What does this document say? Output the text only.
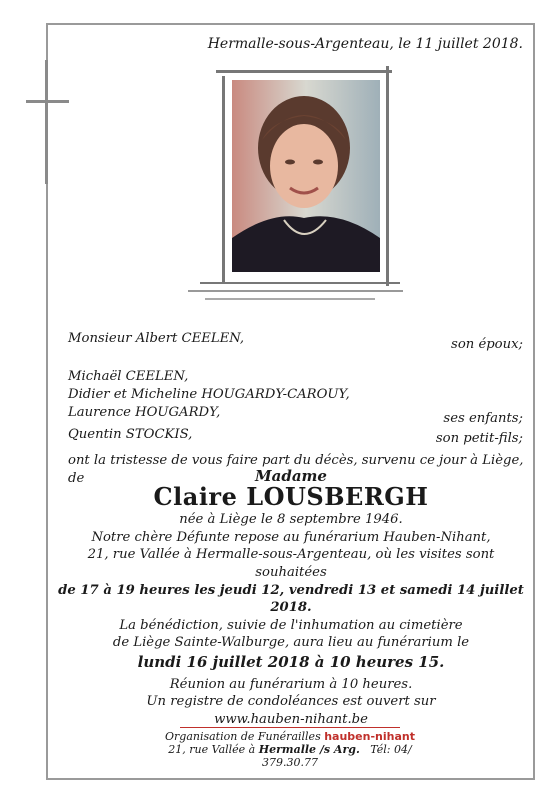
Hermalle-sous-Argenteau, le 11 juillet 2018.
Monsieur Albert CEELEN,	son époux;
Michaël CEELEN,
Didier et Micheline HOUGARDY-CAROUY,
Laurence HOUGARDY,	ses enfants;
Quentin STOCKIS,	son petit-fils;
ont la tristesse de vous faire part du décès, survenu ce jour à Liège, de	Madame
Claire LOUSBERGH
née à Liège le 8 septembre 1946.
Notre chère Défunte repose au funérarium Hauben-Nihant,
21, rue Vallée à Hermalle-sous-Argenteau, où les visites sont souhaitées
de 17 à 19 heures les jeudi 12, vendredi 13 et samedi 14 juillet 2018.
La bénédiction, suivie de l'inhumation au cimetière
de Liège Sainte-Walburge, aura lieu au funérarium le
lundi 16 juillet 2018 à 10 heures 15.
Réunion au funérarium à 10 heures.
Un registre de condoléances est ouvert sur
www.hauben-nihant.be
Organisation de Funérailles hauben-nihant
21, rue Vallée à Hermalle /s Arg. Tél: 04/ 379.30.77
